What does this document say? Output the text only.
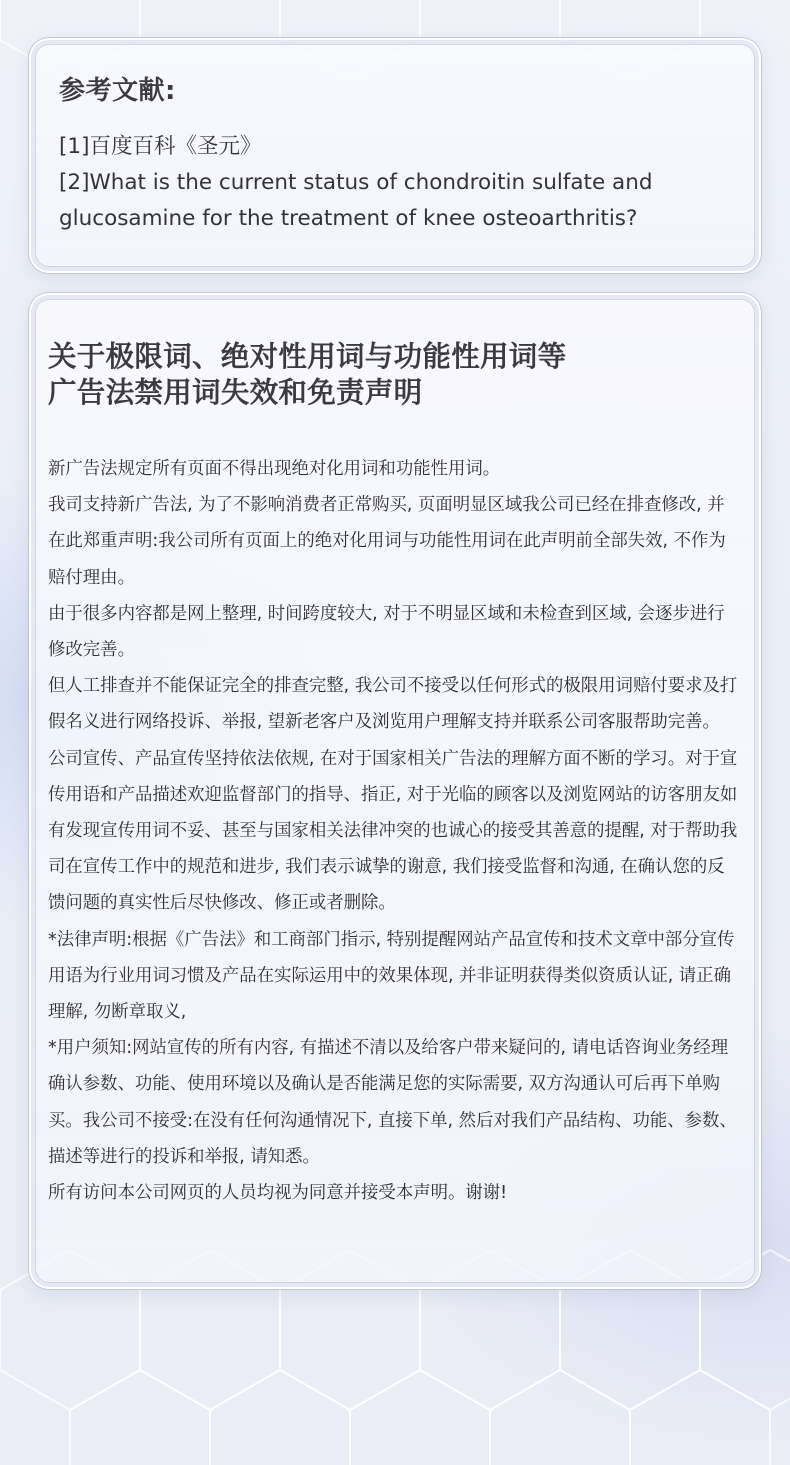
参考文献:

[1]百度百科《圣元》

[2]What is the current status of chondroitin sulfate and glucosamine for the treatment of knee osteoarthritis?

关于极限词、绝对性用词与功能性用词等
广告法禁用词失效和免责声明

新广告法规定所有页面不得出现绝对化用词和功能性用词。

我司支持新广告法, 为了不影响消费者正常购买, 页面明显区域我公司已经在排查修改, 并在此郑重声明:我公司所有页面上的绝对化用词与功能性用词在此声明前全部失效, 不作为赔付理由。

由于很多内容都是网上整理, 时间跨度较大, 对于不明显区域和未检查到区域, 会逐步进行修改完善。

但人工排查并不能保证完全的排查完整, 我公司不接受以任何形式的极限用词赔付要求及打假名义进行网络投诉、举报, 望新老客户及浏览用户理解支持并联系公司客服帮助完善。

公司宣传、产品宣传坚持依法依规, 在对于国家相关广告法的理解方面不断的学习。对于宣传用语和产品描述欢迎监督部门的指导、指正, 对于光临的顾客以及浏览网站的访客朋友如有发现宣传用词不妥、甚至与国家相关法律冲突的也诚心的接受其善意的提醒, 对于帮助我司在宣传工作中的规范和进步, 我们表示诚挚的谢意, 我们接受监督和沟通, 在确认您的反馈问题的真实性后尽快修改、修正或者删除。

*法律声明:根据《广告法》和工商部门指示, 特别提醒网站产品宣传和技术文章中部分宣传用语为行业用词习惯及产品在实际运用中的效果体现, 并非证明获得类似资质认证, 请正确理解, 勿断章取义,

*用户须知:网站宣传的所有内容, 有描述不清以及给客户带来疑问的, 请电话咨询业务经理确认参数、功能、使用环境以及确认是否能满足您的实际需要, 双方沟通认可后再下单购买。我公司不接受:在没有任何沟通情况下, 直接下单, 然后对我们产品结构、功能、参数、描述等进行的投诉和举报, 请知悉。

所有访问本公司网页的人员均视为同意并接受本声明。谢谢!
